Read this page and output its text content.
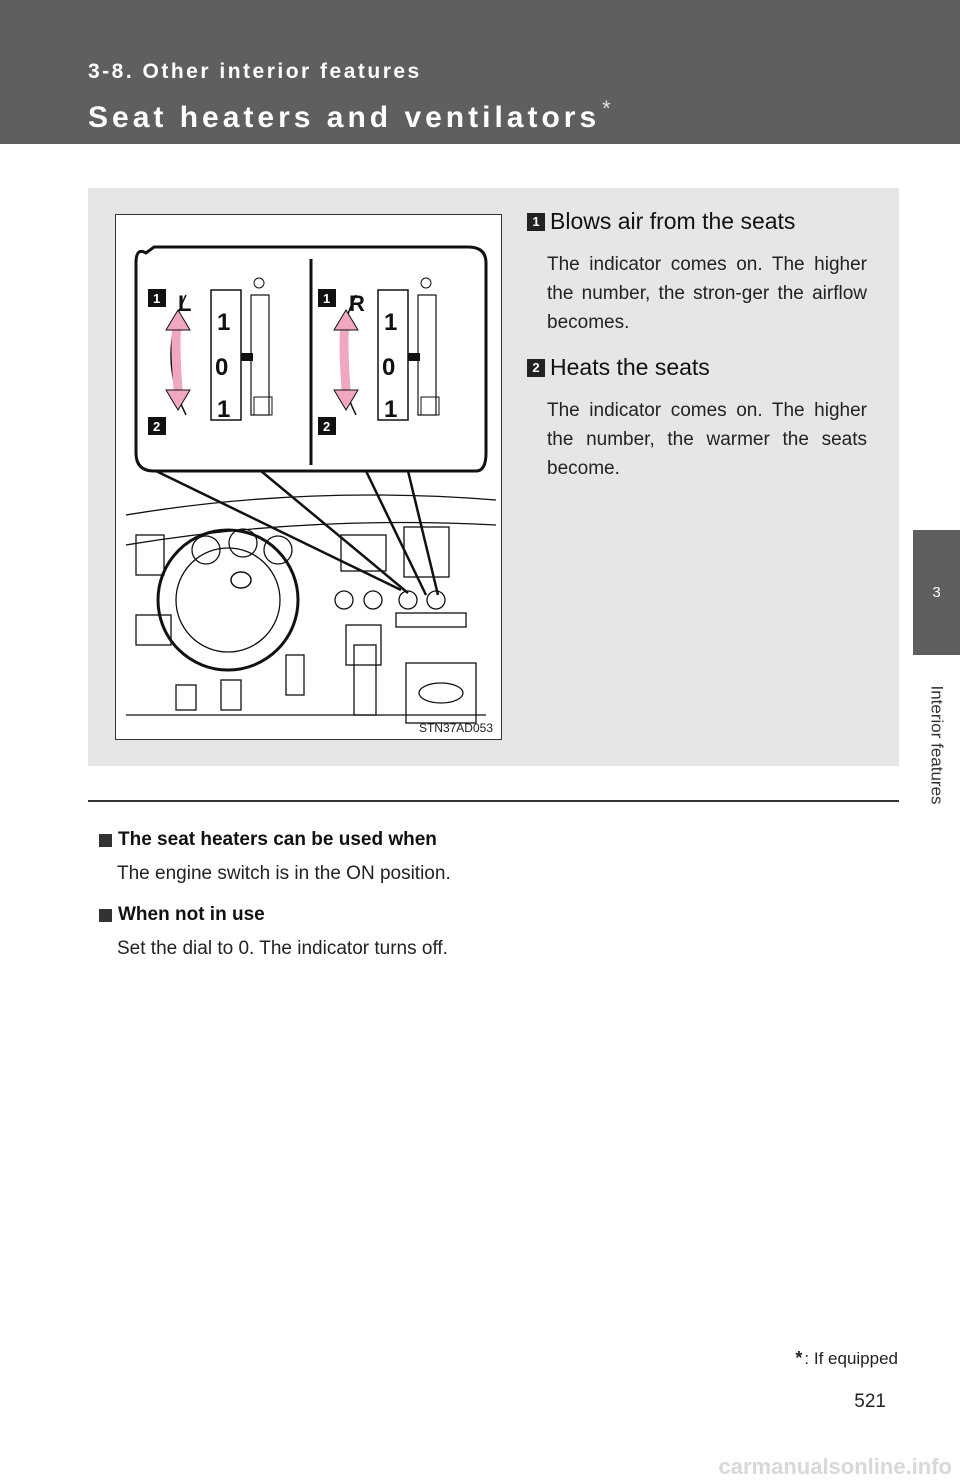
3-8. Other interior features
Seat heaters and ventilators*
3
Interior features
L	R
1
0
1
1
0
1
1
2
1
2
STN37AD053
1 Blows air from the seats
The indicator comes on. The higher the number, the stron-ger the airflow becomes.
2 Heats the seats
The indicator comes on. The higher the number, the warmer the seats become.
The seat heaters can be used when
The engine switch is in the ON position.
When not in use
Set the dial to 0. The indicator turns off.
* : If equipped
521
carmanualsonline.info
